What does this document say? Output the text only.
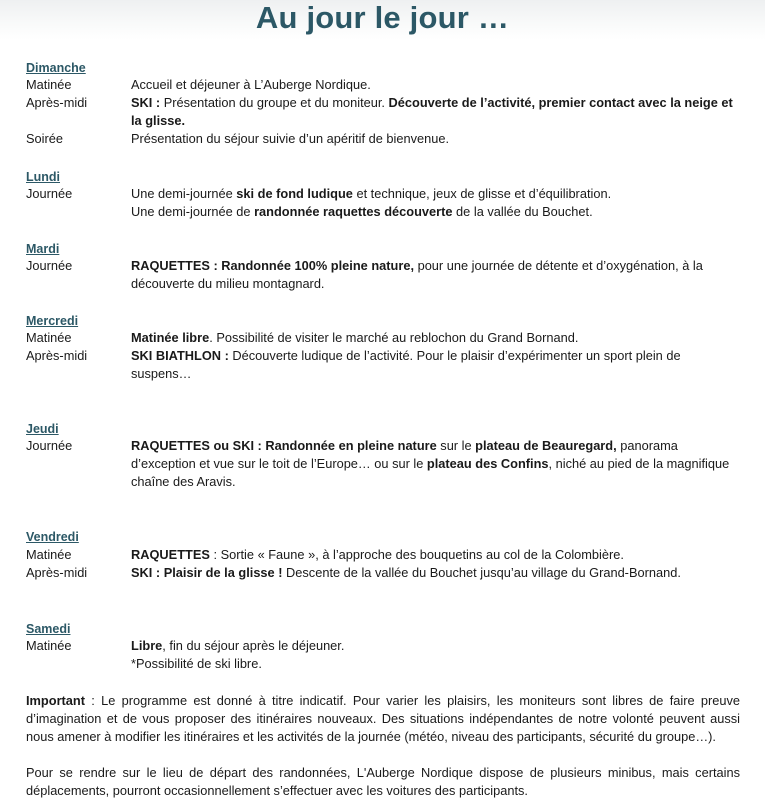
Au jour le jour …
Dimanche
Matinée	Accueil et déjeuner à L’Auberge Nordique.
Après-midi	SKI : Présentation du groupe et du moniteur. Découverte de l’activité, premier contact avec la neige et la glisse.
Soirée	Présentation du séjour suivie d’un apéritif de bienvenue.
Lundi
Journée	Une demi-journée ski de fond ludique et technique, jeux de glisse et d’équilibration.
Une demi-journée de randonnée raquettes découverte de la vallée du Bouchet.
Mardi
Journée	RAQUETTES : Randonnée 100% pleine nature, pour une journée de détente et d’oxygénation, à la découverte du milieu montagnard.
Mercredi
Matinée	Matinée libre. Possibilité de visiter le marché au reblochon du Grand Bornand.
Après-midi	SKI BIATHLON : Découverte ludique de l’activité. Pour le plaisir d’expérimenter un sport plein de suspens…
Jeudi
Journée	RAQUETTES ou SKI : Randonnée en pleine nature sur le plateau de Beauregard, panorama d’exception et vue sur le toit de l’Europe… ou sur le plateau des Confins, niché au pied de la magnifique chaîne des Aravis.
Vendredi
Matinée	RAQUETTES : Sortie « Faune », à l’approche des bouquetins au col de la Colombière.
Après-midi	SKI : Plaisir de la glisse ! Descente de la vallée du Bouchet jusqu’au village du Grand-Bornand.
Samedi
Matinée	Libre, fin du séjour après le déjeuner.
*Possibilité de ski libre.
Important : Le programme est donné à titre indicatif. Pour varier les plaisirs, les moniteurs sont libres de faire preuve d’imagination et de vous proposer des itinéraires nouveaux. Des situations indépendantes de notre volonté peuvent aussi nous amener à modifier les itinéraires et les activités de la journée (météo, niveau des participants, sécurité du groupe…).
Pour se rendre sur le lieu de départ des randonnées, L'Auberge Nordique dispose de plusieurs minibus, mais certains déplacements, pourront occasionnellement s’effectuer avec les voitures des participants.
